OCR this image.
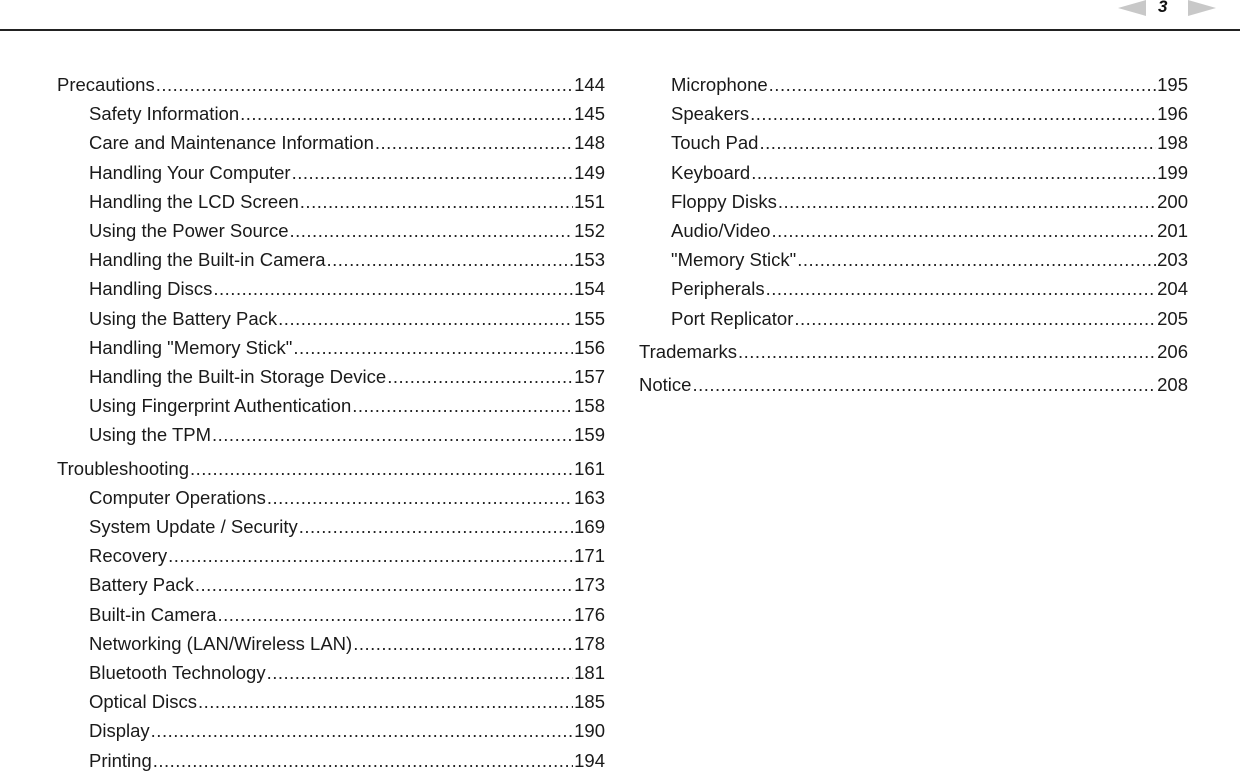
3
Precautions .....	144
Safety Information .....	145
Care and Maintenance Information .....	148
Handling Your Computer .....	149
Handling the LCD Screen .....	151
Using the Power Source .....	152
Handling the Built-in Camera .....	153
Handling Discs .....	154
Using the Battery Pack .....	155
Handling "Memory Stick" .....	156
Handling the Built-in Storage Device .....	157
Using Fingerprint Authentication .....	158
Using the TPM .....	159
Troubleshooting .....	161
Computer Operations .....	163
System Update / Security .....	169
Recovery .....	171
Battery Pack .....	173
Built-in Camera .....	176
Networking (LAN/Wireless LAN) .....	178
Bluetooth Technology .....	181
Optical Discs .....	185
Display .....	190
Printing .....	194
Microphone .....	195
Speakers .....	196
Touch Pad .....	198
Keyboard .....	199
Floppy Disks .....	200
Audio/Video .....	201
"Memory Stick" .....	203
Peripherals .....	204
Port Replicator .....	205
Trademarks .....	206
Notice .....	208
